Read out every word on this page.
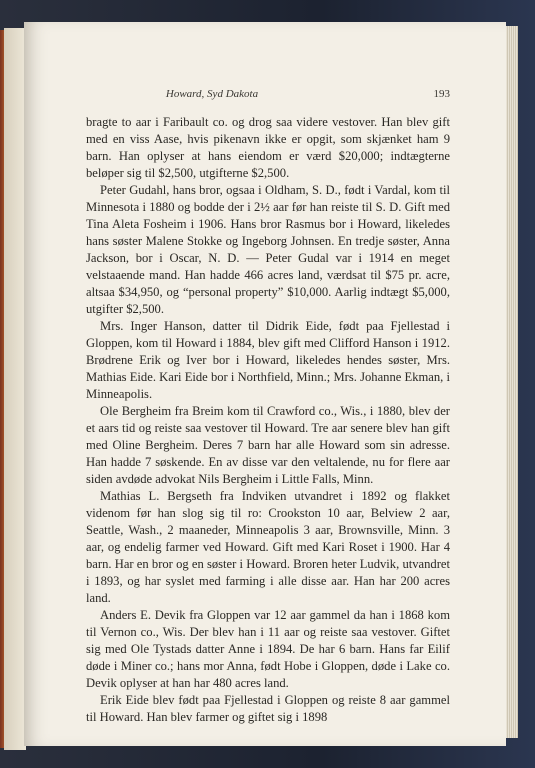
Howard, Syd Dakota	193

bragte to aar i Faribault co. og drog saa videre vestover. Han blev gift med en viss Aase, hvis pikenavn ikke er opgit, som skjænket ham 9 barn. Han oplyser at hans eiendom er værd $20,000; indtægterne beløper sig til $2,500, utgifterne $2,500.

Peter Gudahl, hans bror, ogsaa i Oldham, S. D., født i Vardal, kom til Minnesota i 1880 og bodde der i 2½ aar før han reiste til S. D. Gift med Tina Aleta Fosheim i 1906. Hans bror Rasmus bor i Howard, likeledes hans søster Malene Stokke og Ingeborg Johnsen. En tredje søster, Anna Jackson, bor i Oscar, N. D. — Peter Gudal var i 1914 en meget velstaaende mand. Han hadde 466 acres land, værdsat til $75 pr. acre, altsaa $34,950, og “personal property” $10,000. Aarlig indtægt $5,000, utgifter $2,500.

Mrs. Inger Hanson, datter til Didrik Eide, født paa Fjellestad i Gloppen, kom til Howard i 1884, blev gift med Clifford Hanson i 1912. Brødrene Erik og Iver bor i Howard, likeledes hendes søster, Mrs. Mathias Eide. Kari Eide bor i Northfield, Minn.; Mrs. Johanne Ekman, i Minneapolis.

Ole Bergheim fra Breim kom til Crawford co., Wis., i 1880, blev der et aars tid og reiste saa vestover til Howard. Tre aar senere blev han gift med Oline Bergheim. Deres 7 barn har alle Howard som sin adresse. Han hadde 7 søskende. En av disse var den veltalende, nu for flere aar siden avdøde advokat Nils Bergheim i Little Falls, Minn.

Mathias L. Bergseth fra Indviken utvandret i 1892 og flakket videnom før han slog sig til ro: Crookston 10 aar, Belview 2 aar, Seattle, Wash., 2 maaneder, Minneapolis 3 aar, Brownsville, Minn. 3 aar, og endelig farmer ved Howard. Gift med Kari Roset i 1900. Har 4 barn. Har en bror og en søster i Howard. Broren heter Ludvik, utvandret i 1893, og har syslet med farming i alle disse aar. Han har 200 acres land.

Anders E. Devik fra Gloppen var 12 aar gammel da han i 1868 kom til Vernon co., Wis. Der blev han i 11 aar og reiste saa vestover. Giftet sig med Ole Tystads datter Anne i 1894. De har 6 barn. Hans far Eilif døde i Miner co.; hans mor Anna, født Hobe i Gloppen, døde i Lake co. Devik oplyser at han har 480 acres land.

Erik Eide blev født paa Fjellestad i Gloppen og reiste 8 aar gammel til Howard. Han blev farmer og giftet sig i 1898
